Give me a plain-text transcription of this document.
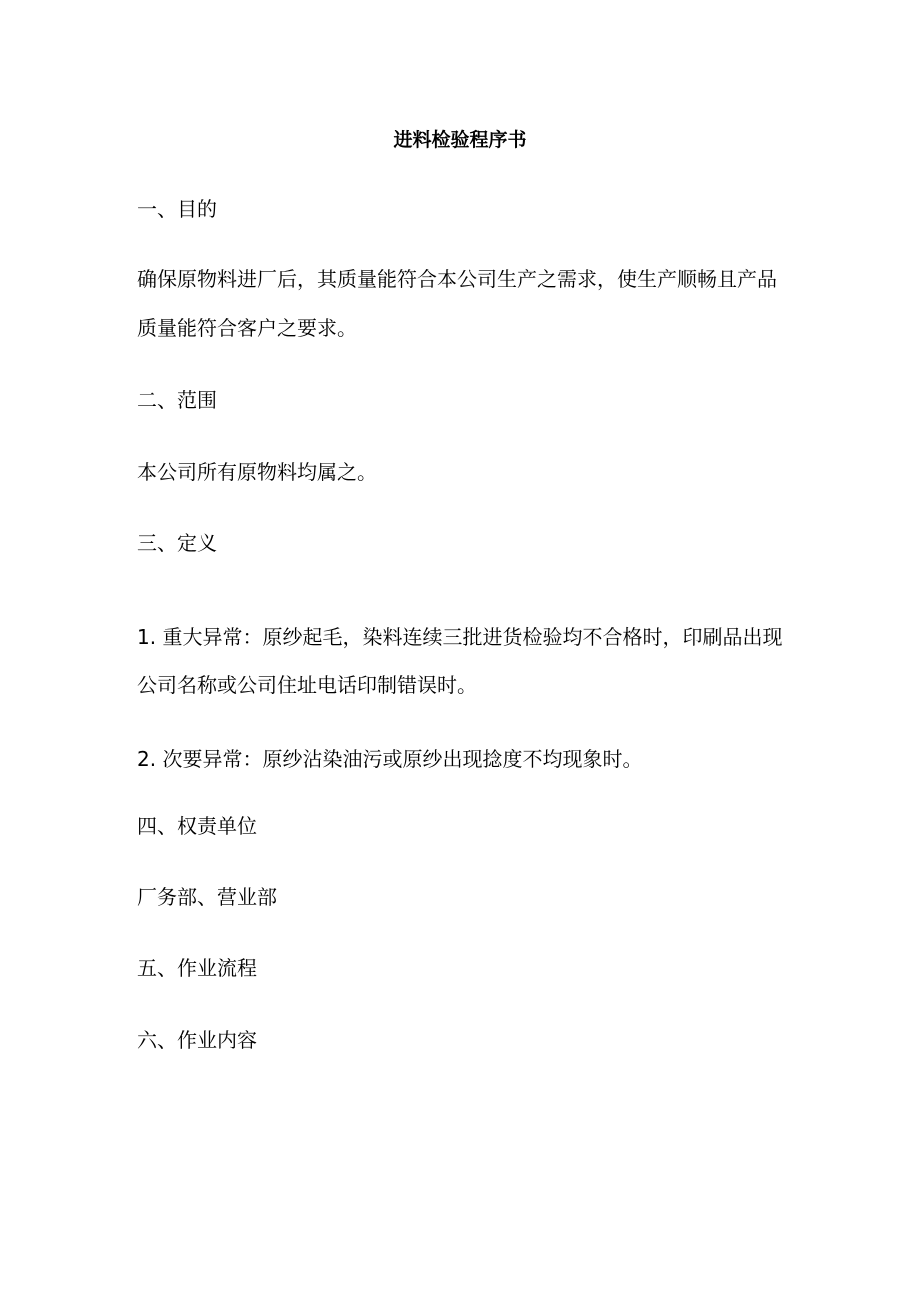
进料检验程序书
一、目的
确保原物料进厂后，其质量能符合本公司生产之需求，使生产顺畅且产品
质量能符合客户之要求。
二、范围
本公司所有原物料均属之。
三、定义
1. 重大异常：原纱起毛，染料连续三批进货检验均不合格时，印刷品出现
公司名称或公司住址电话印制错误时。
2. 次要异常：原纱沾染油污或原纱出现捻度不均现象时。
四、权责单位
厂务部、营业部
五、作业流程
六、作业内容
